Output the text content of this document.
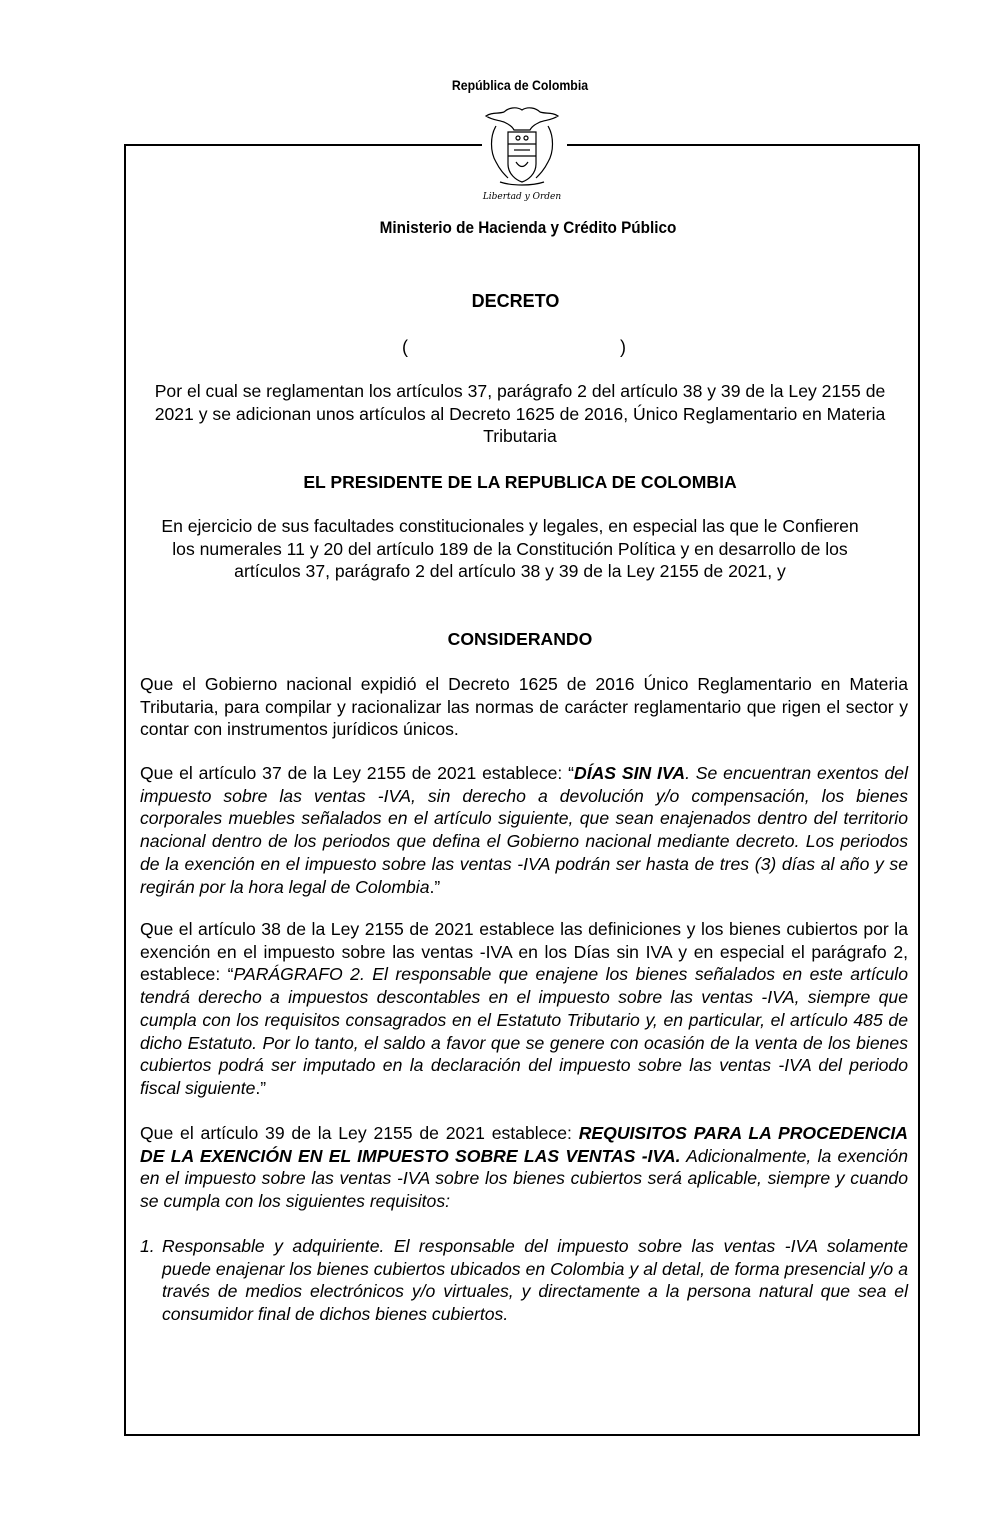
República de Colombia
Libertad y Orden
Ministerio de Hacienda y Crédito Público
DECRETO
(	)
Por el cual se reglamentan los artículos 37, parágrafo 2 del artículo 38 y 39 de la Ley 2155 de 2021 y se adicionan unos artículos al Decreto 1625 de 2016, Único Reglamentario en Materia Tributaria
EL PRESIDENTE DE LA REPUBLICA DE COLOMBIA
En ejercicio de sus facultades constitucionales y legales, en especial las que le Confieren los numerales 11 y 20 del artículo 189 de la Constitución Política y en desarrollo de los artículos 37, parágrafo 2 del artículo 38 y 39 de la Ley 2155 de 2021, y
CONSIDERANDO
Que el Gobierno nacional expidió el Decreto 1625 de 2016 Único Reglamentario en Materia Tributaria, para compilar y racionalizar las normas de carácter reglamentario que rigen el sector y contar con instrumentos jurídicos únicos.
Que el artículo 37 de la Ley 2155 de 2021 establece: “DÍAS SIN IVA. Se encuentran exentos del impuesto sobre las ventas -IVA, sin derecho a devolución y/o compensación, los bienes corporales muebles señalados en el artículo siguiente, que sean enajenados dentro del territorio nacional dentro de los periodos que defina el Gobierno nacional mediante decreto. Los periodos de la exención en el impuesto sobre las ventas -IVA podrán ser hasta de tres (3) días al año y se regirán por la hora legal de Colombia.”
Que el artículo 38 de la Ley 2155 de 2021 establece las definiciones y los bienes cubiertos por la exención en el impuesto sobre las ventas -IVA en los Días sin IVA y en especial el parágrafo 2, establece: “PARÁGRAFO 2. El responsable que enajene los bienes señalados en este artículo tendrá derecho a impuestos descontables en el impuesto sobre las ventas -IVA, siempre que cumpla con los requisitos consagrados en el Estatuto Tributario y, en particular, el artículo 485 de dicho Estatuto. Por lo tanto, el saldo a favor que se genere con ocasión de la venta de los bienes cubiertos podrá ser imputado en la declaración del impuesto sobre las ventas -IVA del periodo fiscal siguiente.”
Que el artículo 39 de la Ley 2155 de 2021 establece: REQUISITOS PARA LA PROCEDENCIA DE LA EXENCIÓN EN EL IMPUESTO SOBRE LAS VENTAS -IVA. Adicionalmente, la exención en el impuesto sobre las ventas -IVA sobre los bienes cubiertos será aplicable, siempre y cuando se cumpla con los siguientes requisitos:
1. Responsable y adquiriente. El responsable del impuesto sobre las ventas -IVA solamente puede enajenar los bienes cubiertos ubicados en Colombia y al detal, de forma presencial y/o a través de medios electrónicos y/o virtuales, y directamente a la persona natural que sea el consumidor final de dichos bienes cubiertos.
